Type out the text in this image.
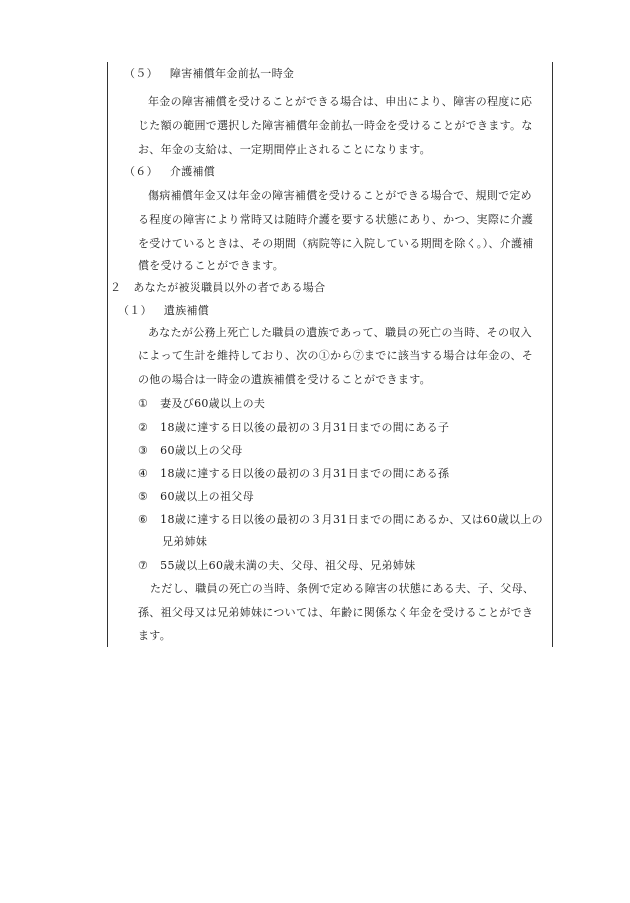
（５） 障害補償年金前払一時金
年金の障害補償を受けることができる場合は、申出により、障害の程度に応
じた額の範囲で選択した障害補償年金前払一時金を受けることができます。な
お、年金の支給は、一定期間停止されることになります。
（６） 介護補償
傷病補償年金又は年金の障害補償を受けることができる場合で、規則で定め
る程度の障害により常時又は随時介護を要する状態にあり、かつ、実際に介護
を受けているときは、その期間（病院等に入院している期間を除く。）、介護補
償を受けることができます。
２ あなたが被災職員以外の者である場合
（１） 遺族補償
あなたが公務上死亡した職員の遺族であって、職員の死亡の当時、その収入
によって生計を維持しており、次の①から⑦までに該当する場合は年金の、そ
の他の場合は一時金の遺族補償を受けることができます。
① 妻及び60歳以上の夫
② 18歳に達する日以後の最初の３月31日までの間にある子
③ 60歳以上の父母
④ 18歳に達する日以後の最初の３月31日までの間にある孫
⑤ 60歳以上の祖父母
⑥ 18歳に達する日以後の最初の３月31日までの間にあるか、又は60歳以上の
兄弟姉妹
⑦ 55歳以上60歳未満の夫、父母、祖父母、兄弟姉妹
ただし、職員の死亡の当時、条例で定める障害の状態にある夫、子、父母、
孫、祖父母又は兄弟姉妹については、年齢に関係なく年金を受けることができ
ます。
